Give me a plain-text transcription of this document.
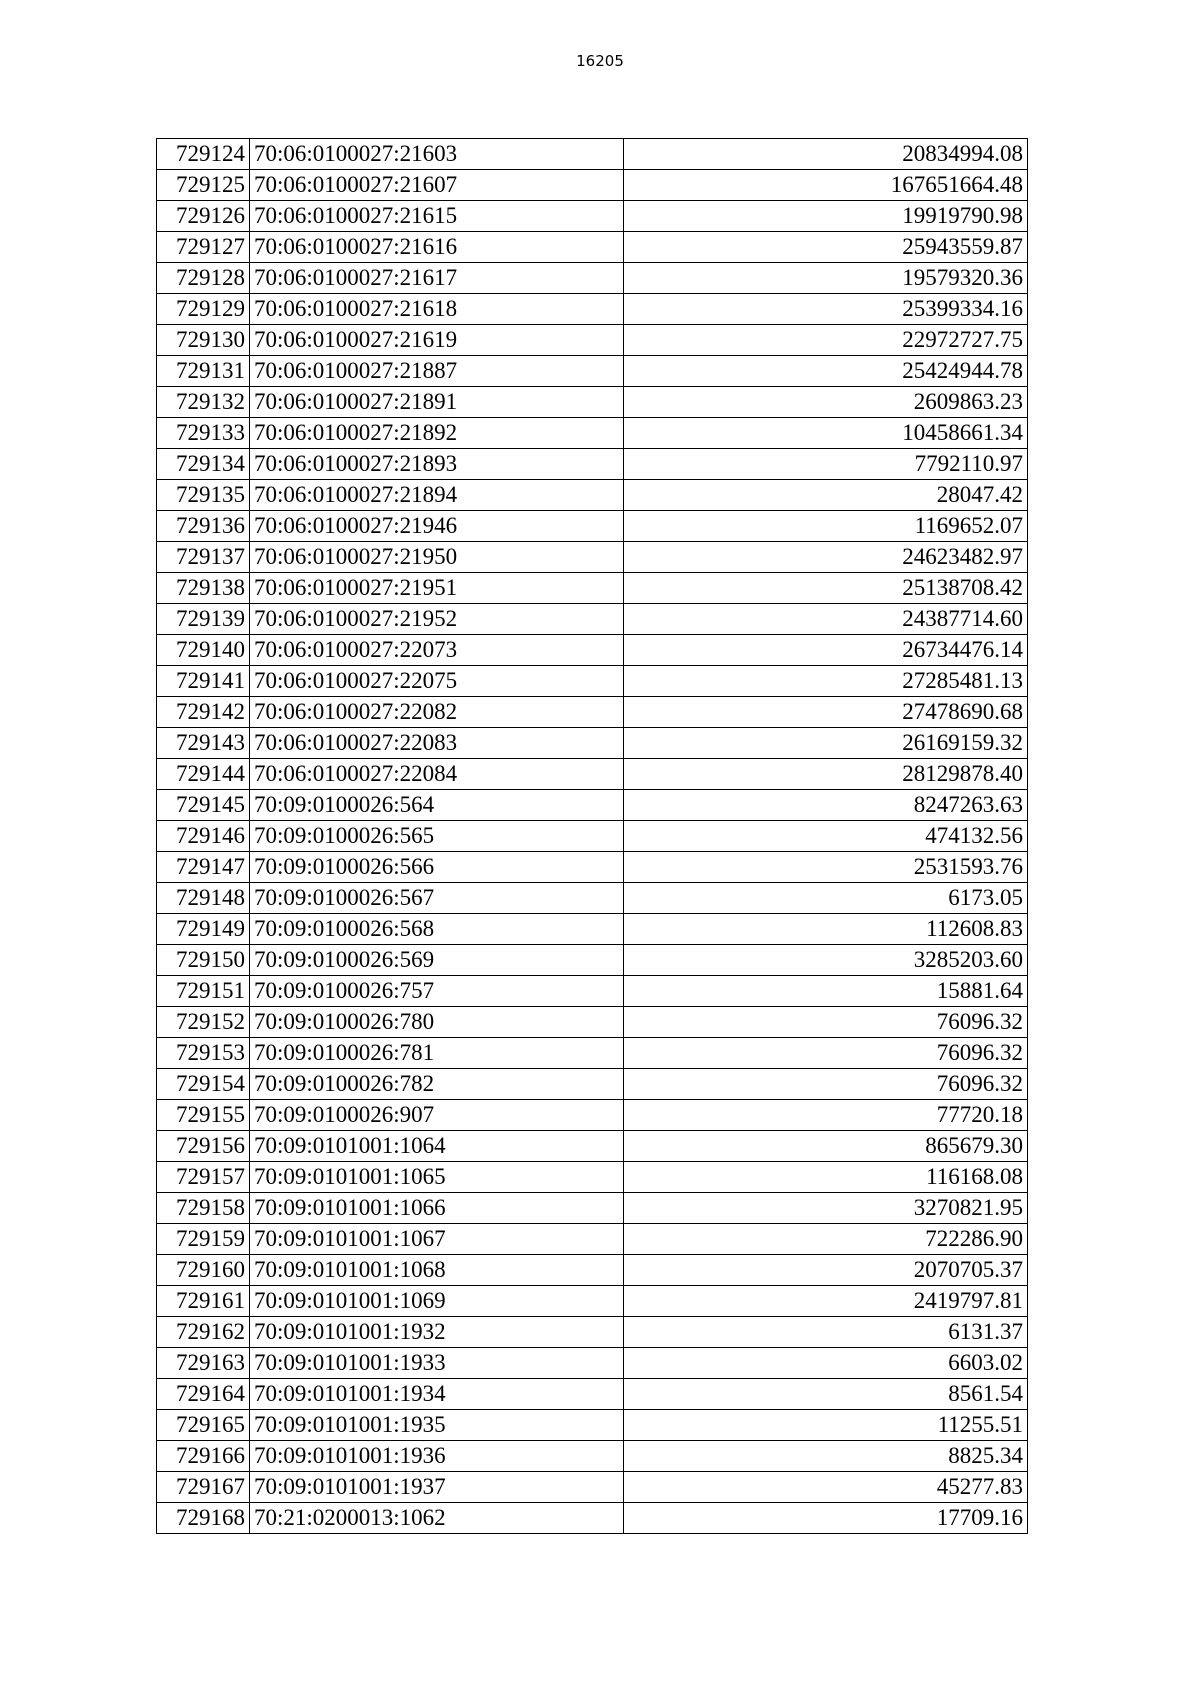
16205
729124	70:06:0100027:21603	20834994.08
729125	70:06:0100027:21607	167651664.48
729126	70:06:0100027:21615	19919790.98
729127	70:06:0100027:21616	25943559.87
729128	70:06:0100027:21617	19579320.36
729129	70:06:0100027:21618	25399334.16
729130	70:06:0100027:21619	22972727.75
729131	70:06:0100027:21887	25424944.78
729132	70:06:0100027:21891	2609863.23
729133	70:06:0100027:21892	10458661.34
729134	70:06:0100027:21893	7792110.97
729135	70:06:0100027:21894	28047.42
729136	70:06:0100027:21946	1169652.07
729137	70:06:0100027:21950	24623482.97
729138	70:06:0100027:21951	25138708.42
729139	70:06:0100027:21952	24387714.60
729140	70:06:0100027:22073	26734476.14
729141	70:06:0100027:22075	27285481.13
729142	70:06:0100027:22082	27478690.68
729143	70:06:0100027:22083	26169159.32
729144	70:06:0100027:22084	28129878.40
729145	70:09:0100026:564	8247263.63
729146	70:09:0100026:565	474132.56
729147	70:09:0100026:566	2531593.76
729148	70:09:0100026:567	6173.05
729149	70:09:0100026:568	112608.83
729150	70:09:0100026:569	3285203.60
729151	70:09:0100026:757	15881.64
729152	70:09:0100026:780	76096.32
729153	70:09:0100026:781	76096.32
729154	70:09:0100026:782	76096.32
729155	70:09:0100026:907	77720.18
729156	70:09:0101001:1064	865679.30
729157	70:09:0101001:1065	116168.08
729158	70:09:0101001:1066	3270821.95
729159	70:09:0101001:1067	722286.90
729160	70:09:0101001:1068	2070705.37
729161	70:09:0101001:1069	2419797.81
729162	70:09:0101001:1932	6131.37
729163	70:09:0101001:1933	6603.02
729164	70:09:0101001:1934	8561.54
729165	70:09:0101001:1935	11255.51
729166	70:09:0101001:1936	8825.34
729167	70:09:0101001:1937	45277.83
729168	70:21:0200013:1062	17709.16
